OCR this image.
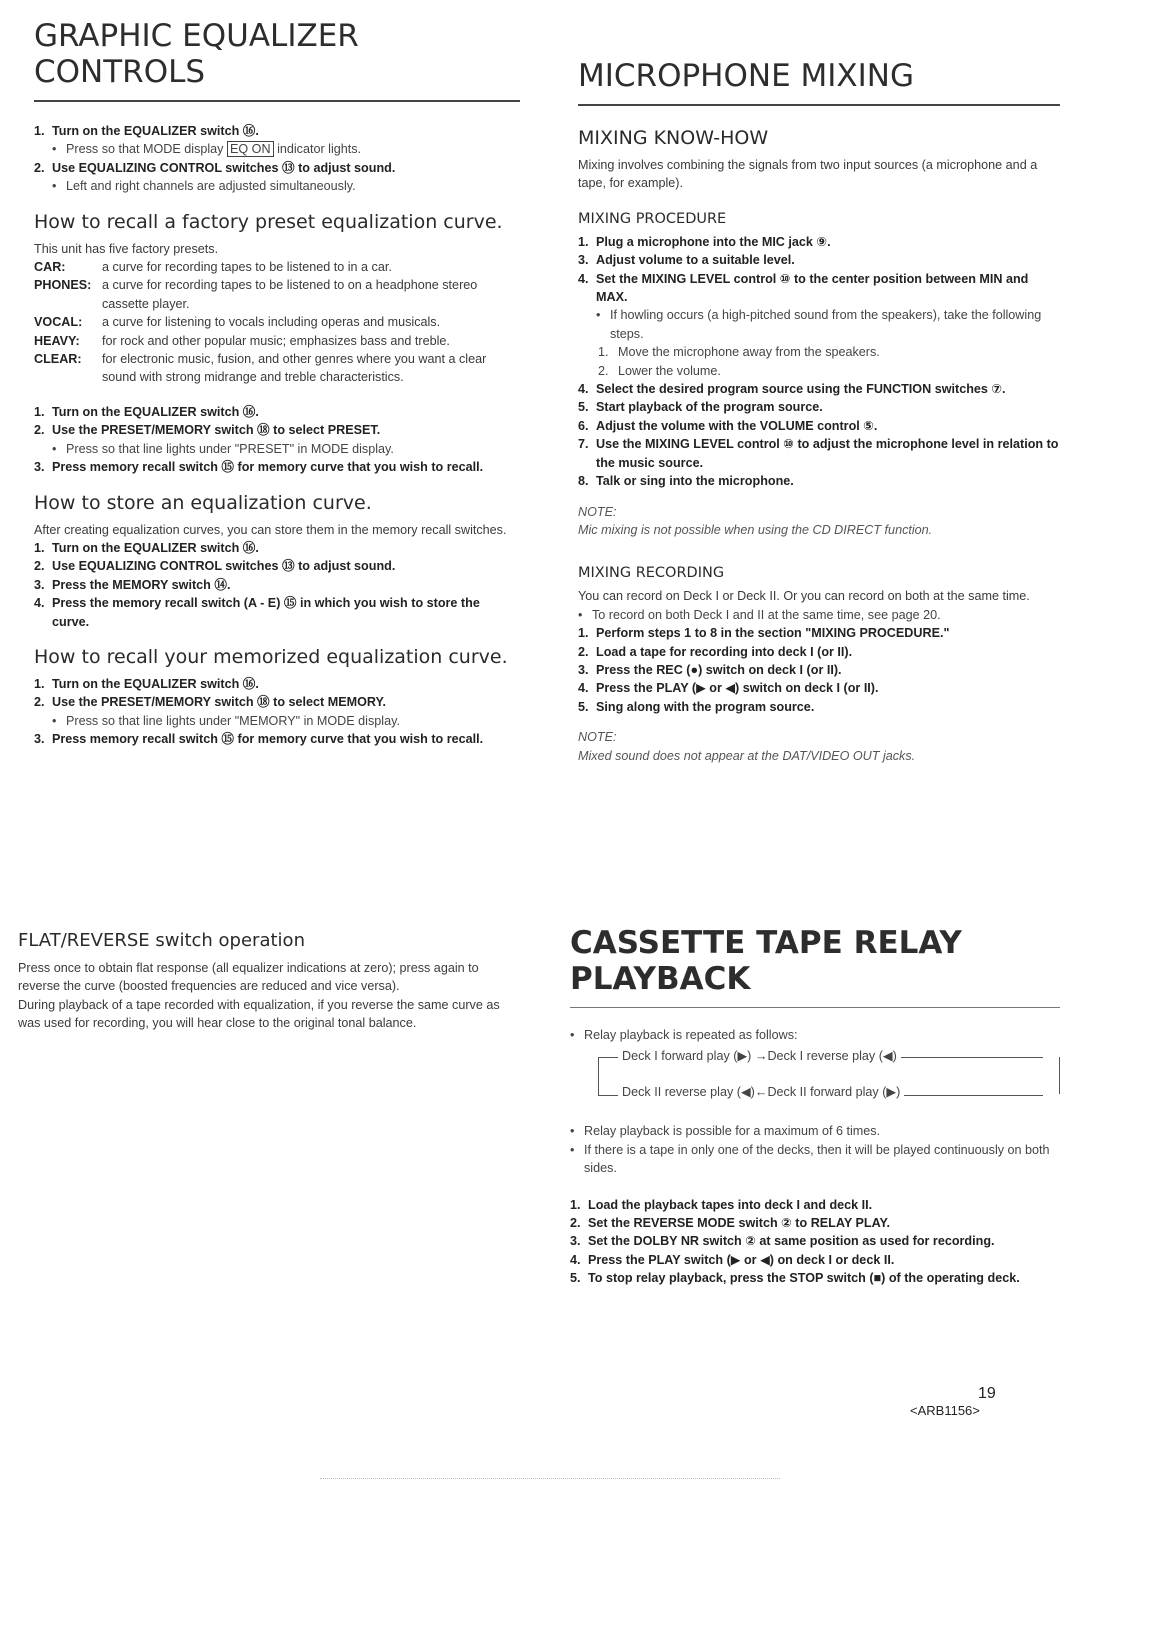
GRAPHIC EQUALIZER
CONTROLS
1. Turn on the EQUALIZER switch ⑯.
• Press so that MODE display EQ ON indicator lights.
2. Use EQUALIZING CONTROL switches ⑬ to adjust sound.
• Left and right channels are adjusted simultaneously.
How to recall a factory preset equalization curve.

This unit has five factory presets.

CAR:	a curve for recording tapes to be listened to in a car.
PHONES: a curve for recording tapes to be listened to on a headphone stereo cassette player.
VOCAL:	a curve for listening to vocals including operas and musicals.
HEAVY:	for rock and other popular music; emphasizes bass and treble.
CLEAR:	for electronic music, fusion, and other genres where you want a clear sound with strong midrange and treble characteristics.
1. Turn on the EQUALIZER switch ⑯.
2. Use the PRESET/MEMORY switch ⑱ to select PRESET.
• Press so that line lights under "PRESET" in MODE display.
3. Press memory recall switch ⑮ for memory curve that you wish to recall.
How to store an equalization curve.

After creating equalization curves, you can store them in the memory recall switches.

1. Turn on the EQUALIZER switch ⑯.
2. Use EQUALIZING CONTROL switches ⑬ to adjust sound.
3. Press the MEMORY switch ⑭.
4. Press the memory recall switch (A - E) ⑮ in which you wish to store the curve.
How to recall your memorized equalization curve.
1. Turn on the EQUALIZER switch ⑯.
2. Use the PRESET/MEMORY switch ⑱ to select MEMORY.
• Press so that line lights under "MEMORY" in MODE display.
3. Press memory recall switch ⑮ for memory curve that you wish to recall.
FLAT/REVERSE switch operation

Press once to obtain flat response (all equalizer indications at zero); press again to reverse the curve (boosted frequencies are reduced and vice versa).

During playback of a tape recorded with equalization, if you reverse the same curve as was used for recording, you will hear close to the original tonal balance.

MICROPHONE MIXING
MIXING KNOW-HOW

Mixing involves combining the signals from two input sources (a microphone and a tape, for example).

MIXING PROCEDURE
1. Plug a microphone into the MIC jack ⑨.
3. Adjust volume to a suitable level.
4. Set the MIXING LEVEL control ⑩ to the center position between MIN and MAX.
• If howling occurs (a high-pitched sound from the speakers), take the following steps.
1. Move the microphone away from the speakers.
2. Lower the volume.
4. Select the desired program source using the FUNCTION switches ⑦.
5. Start playback of the program source.
6. Adjust the volume with the VOLUME control ⑤.
7. Use the MIXING LEVEL control ⑩ to adjust the microphone level in relation to the music source.
8. Talk or sing into the microphone.

NOTE:

Mic mixing is not possible when using the CD DIRECT function.

MIXING RECORDING

You can record on Deck I or Deck II. Or you can record on both at the same time.

• To record on both Deck I and II at the same time, see page 20.
1. Perform steps 1 to 8 in the section "MIXING PROCEDURE."
2. Load a tape for recording into deck I (or II).
3. Press the REC (●) switch on deck I (or II).
4. Press the PLAY (▶ or ◀) switch on deck I (or II).
5. Sing along with the program source.

NOTE:

Mixed sound does not appear at the DAT/VIDEO OUT jacks.

CASSETTE TAPE RELAY
PLAYBACK
• Relay playback is repeated as follows:
Deck I forward play (▶) →Deck I reverse play (◀)
Deck II reverse play (◀)←Deck II forward play (▶)
• Relay playback is possible for a maximum of 6 times.
• If there is a tape in only one of the decks, then it will be played continuously on both sides.
1. Load the playback tapes into deck I and deck II.
2. Set the REVERSE MODE switch ② to RELAY PLAY.
3. Set the DOLBY NR switch ② at same position as used for recording.
4. Press the PLAY switch (▶ or ◀) on deck I or deck II.
5. To stop relay playback, press the STOP switch (■) of the operating deck.
19
<ARB1156>
